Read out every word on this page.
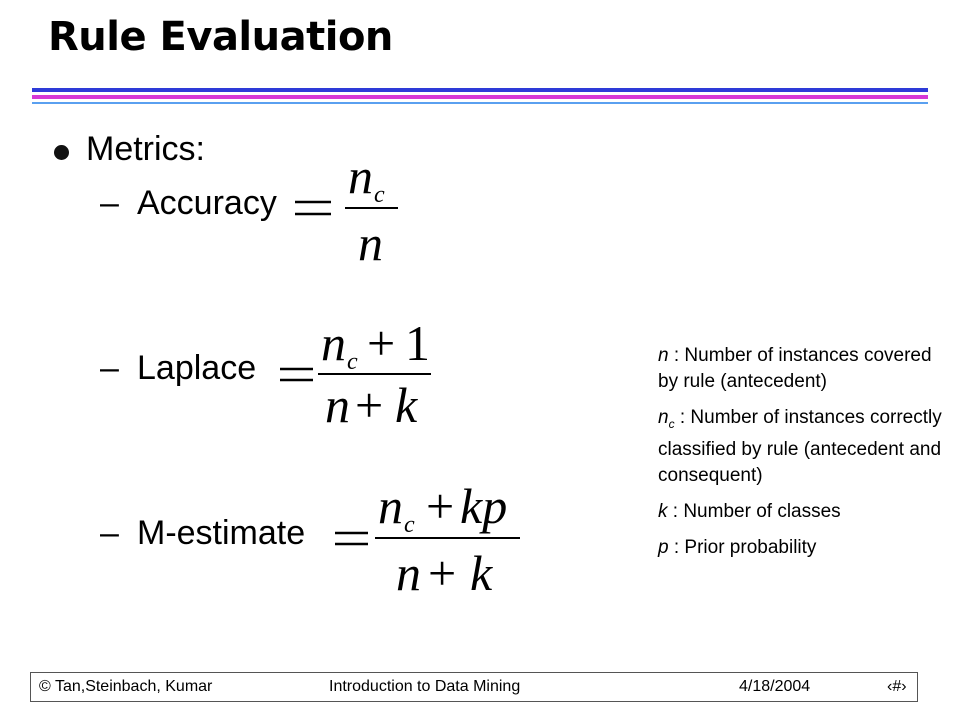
Rule Evaluation
Metrics:
– Accuracy n c
n
– Laplace n c + 1
n + k
– M-estimate n c + kp
n + k
n : Number of instances covered by rule (antecedent)
$n_c$ : Number of instances correctly classified by rule (antecedent and consequent)
k : Number of classes
p : Prior probability
© Tan,Steinbach, Kumar	Introduction to Data Mining	4/18/2004	‹#›
